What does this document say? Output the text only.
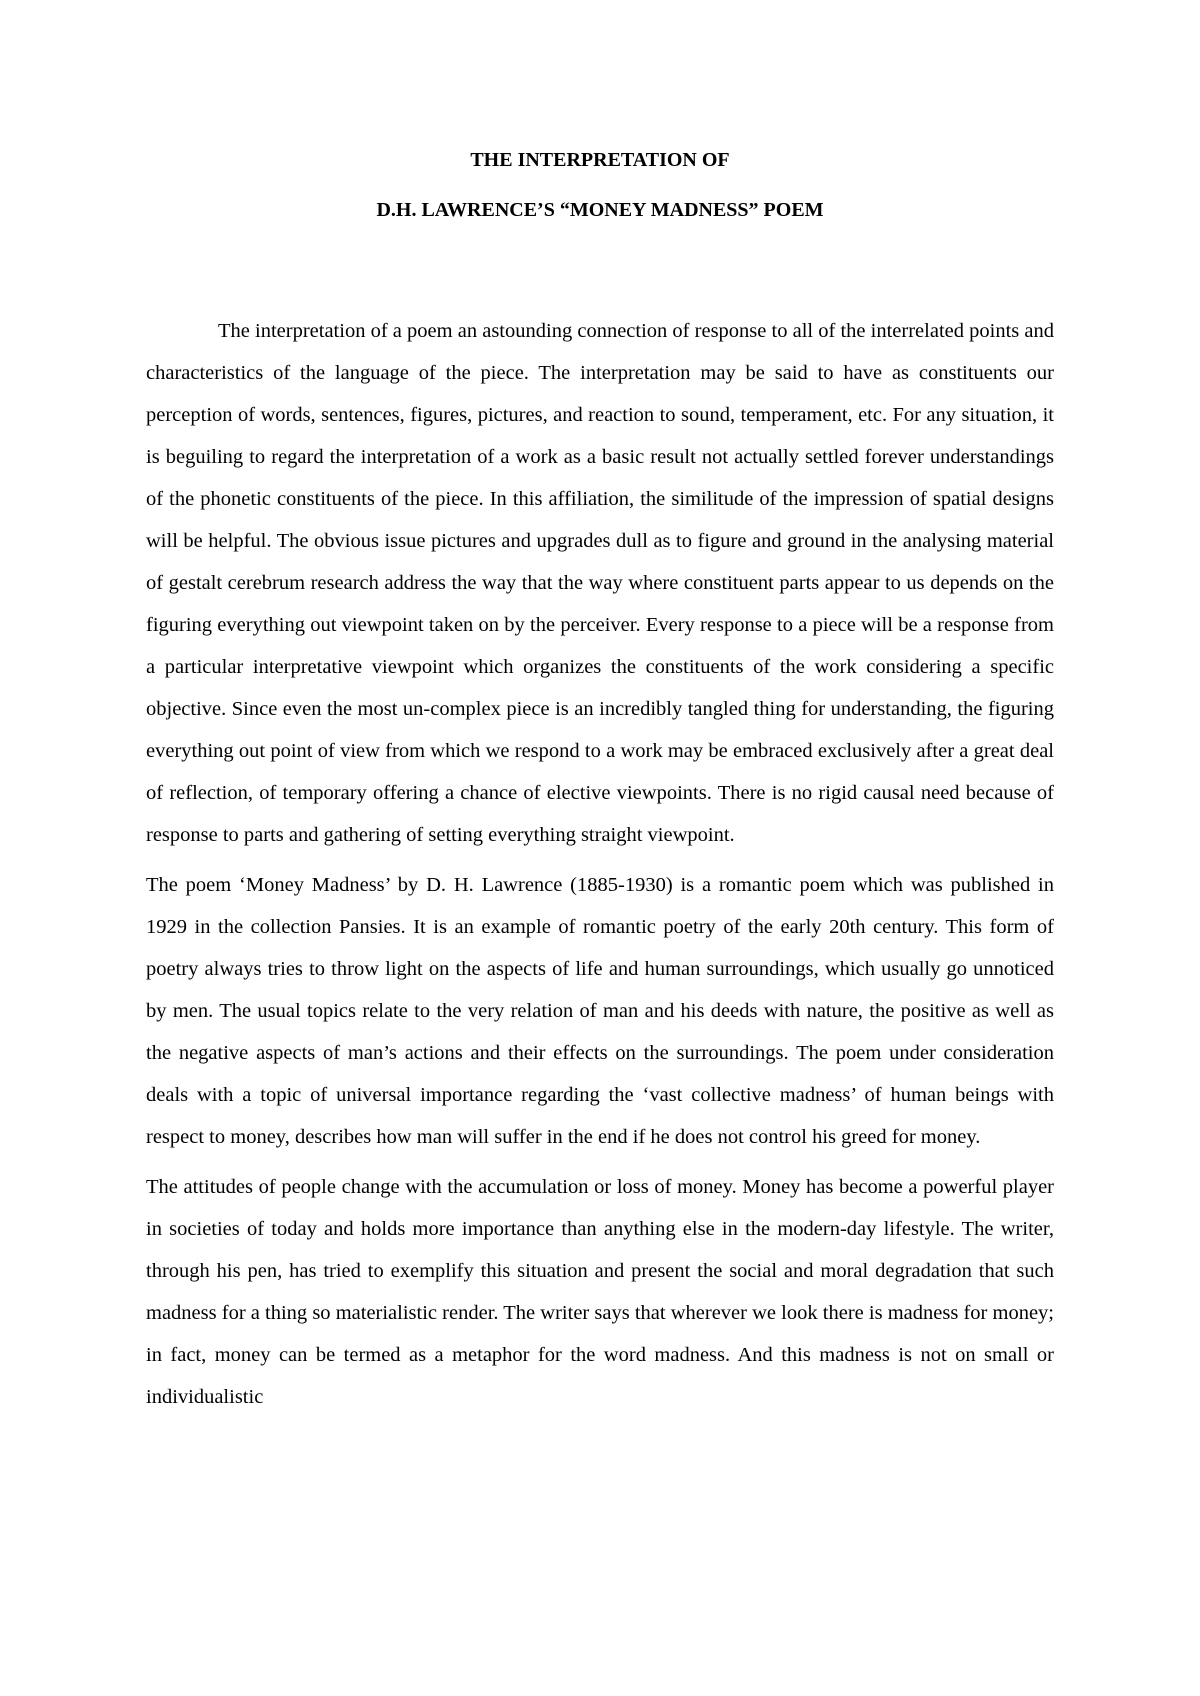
THE INTERPRETATION OF
D.H. LAWRENCE’S “MONEY MADNESS” POEM

The interpretation of a poem an astounding connection of response to all of the interrelated points and characteristics of the language of the piece. The interpretation may be said to have as constituents our perception of words, sentences, figures, pictures, and reaction to sound, temperament, etc. For any situation, it is beguiling to regard the interpretation of a work as a basic result not actually settled forever understandings of the phonetic constituents of the piece. In this affiliation, the similitude of the impression of spatial designs will be helpful. The obvious issue pictures and upgrades dull as to figure and ground in the analysing material of gestalt cerebrum research address the way that the way where constituent parts appear to us depends on the figuring everything out viewpoint taken on by the perceiver. Every response to a piece will be a response from a particular interpretative viewpoint which organizes the constituents of the work considering a specific objective. Since even the most un-complex piece is an incredibly tangled thing for understanding, the figuring everything out point of view from which we respond to a work may be embraced exclusively after a great deal of reflection, of temporary offering a chance of elective viewpoints. There is no rigid causal need because of response to parts and gathering of setting everything straight viewpoint.

The poem ‘Money Madness’ by D. H. Lawrence (1885-1930) is a romantic poem which was published in 1929 in the collection Pansies. It is an example of romantic poetry of the early 20th century. This form of poetry always tries to throw light on the aspects of life and human surroundings, which usually go unnoticed by men. The usual topics relate to the very relation of man and his deeds with nature, the positive as well as the negative aspects of man’s actions and their effects on the surroundings. The poem under consideration deals with a topic of universal importance regarding the ‘vast collective madness’ of human beings with respect to money, describes how man will suffer in the end if he does not control his greed for money.

The attitudes of people change with the accumulation or loss of money. Money has become a powerful player in societies of today and holds more importance than anything else in the modern-day lifestyle. The writer, through his pen, has tried to exemplify this situation and present the social and moral degradation that such madness for a thing so materialistic render. The writer says that wherever we look there is madness for money; in fact, money can be termed as a metaphor for the word madness. And this madness is not on small or individualistic
